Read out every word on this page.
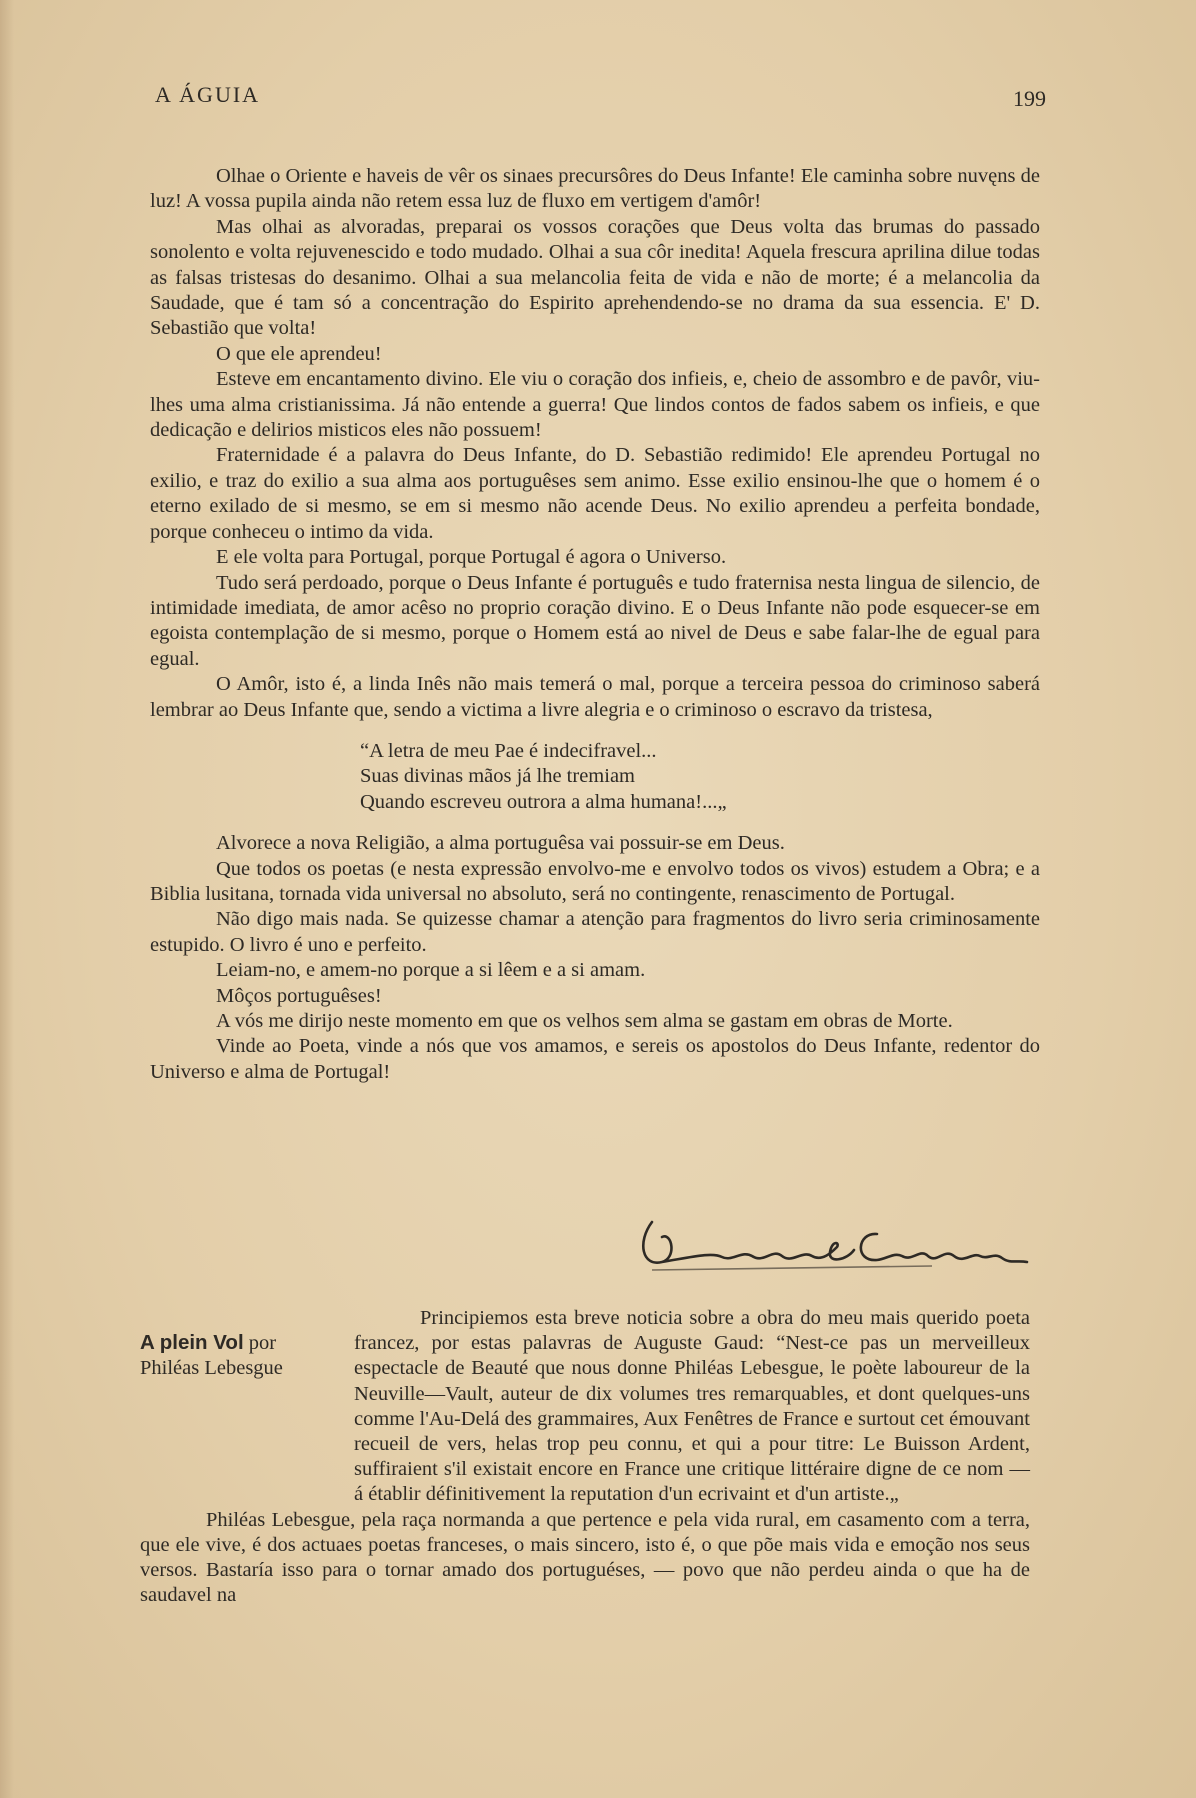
A ÁGUIA	199

Olhae o Oriente e haveis de vêr os sinaes precursôres do Deus Infante! Ele caminha sobre nuvęns de luz! A vossa pupila ainda não retem essa luz de fluxo em vertigem d'amôr!

Mas olhai as alvoradas, preparai os vossos corações que Deus volta das brumas do passado sonolento e volta rejuvenescido e todo mudado. Olhai a sua côr inedita! Aquela frescura aprilina dilue todas as falsas tristesas do desanimo. Olhai a sua melancolia feita de vida e não de morte; é a melancolia da Saudade, que é tam só a concentração do Espirito aprehendendo-se no drama da sua essencia. E' D. Sebastião que volta!

O que ele aprendeu!

Esteve em encantamento divino. Ele viu o coração dos infieis, e, cheio de assombro e de pavôr, viu-lhes uma alma cristianissima. Já não entende a guerra! Que lindos contos de fados sabem os infieis, e que dedicação e delirios misticos eles não possuem!

Fraternidade é a palavra do Deus Infante, do D. Sebastião redimido! Ele aprendeu Portugal no exilio, e traz do exilio a sua alma aos portuguêses sem animo. Esse exilio ensinou-lhe que o homem é o eterno exilado de si mesmo, se em si mesmo não acende Deus. No exilio aprendeu a perfeita bondade, porque conheceu o intimo da vida.

E ele volta para Portugal, porque Portugal é agora o Universo.

Tudo será perdoado, porque o Deus Infante é português e tudo fraternisa nesta lingua de silencio, de intimidade imediata, de amor acêso no proprio coração divino. E o Deus Infante não pode esquecer-se em egoista contemplação de si mesmo, porque o Homem está ao nivel de Deus e sabe falar-lhe de egual para egual.

O Amôr, isto é, a linda Inês não mais temerá o mal, porque a terceira pessoa do criminoso saberá lembrar ao Deus Infante que, sendo a victima a livre alegria e o criminoso o escravo da tristesa,

“A letra de meu Pae é indecifravel...
Suas divinas mãos já lhe tremiam
Quando escreveu outrora a alma humana!...„

Alvorece a nova Religião, a alma portuguêsa vai possuir-se em Deus.

Que todos os poetas (e nesta expressão envolvo-me e envolvo todos os vivos) estudem a Obra; e a Biblia lusitana, tornada vida universal no absoluto, será no contingente, renascimento de Portugal.

Não digo mais nada. Se quizesse chamar a atenção para fragmentos do livro seria criminosamente estupido. O livro é uno e perfeito.

Leiam-no, e amem-no porque a si lêem e a si amam.

Môços portuguêses!

A vós me dirijo neste momento em que os velhos sem alma se gastam em obras de Morte.

Vinde ao Poeta, vinde a nós que vos amamos, e sereis os apostolos do Deus Infante, redentor do Universo e alma de Portugal!

A plein Vol por
Philéas Lebesgue

Principiemos esta breve noticia sobre a obra do meu mais querido poeta francez, por estas palavras de Auguste Gaud: “Nest-ce pas un merveilleux espectacle de Beauté que nous donne Philéas Lebesgue, le poète laboureur de la Neuville—Vault, auteur de dix volumes tres remarquables, et dont quelques-uns comme l'Au-Delá des grammaires, Aux Fenêtres de France e surtout cet émouvant recueil de vers, helas trop peu connu, et qui a pour titre: Le Buisson Ardent, suffiraient s'il existait encore en France une critique littéraire digne de ce nom — á établir définitivement la reputation d'un ecrivaint et d'un artiste.„

Philéas Lebesgue, pela raça normanda a que pertence e pela vida rural, em casamento com a terra, que ele vive, é dos actuaes poetas franceses, o mais sincero, isto é, o que põe mais vida e emoção nos seus versos. Bastaría isso para o tornar amado dos portuguéses, — povo que não perdeu ainda o que ha de saudavel na
